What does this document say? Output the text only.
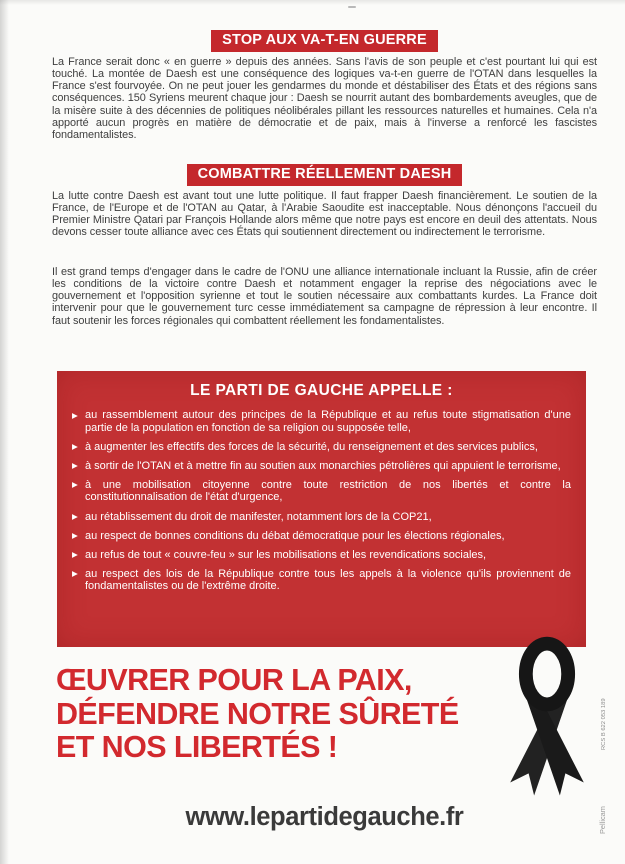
STOP AUX VA-T-EN GUERRE

La France serait donc « en guerre » depuis des années. Sans l'avis de son peuple et c'est pourtant lui qui est touché. La montée de Daesh est une conséquence des logiques va-t-en guerre de l'OTAN dans lesquelles la France s'est fourvoyée. On ne peut jouer les gendarmes du monde et déstabiliser des États et des régions sans conséquences. 150 Syriens meurent chaque jour : Daesh se nourrit autant des bombardements aveugles, que de la misère suite à des décennies de politiques néolibérales pillant les ressources naturelles et humaines. Cela n'a apporté aucun progrès en matière de démocratie et de paix, mais à l'inverse a renforcé les fascistes fondamentalistes.

COMBATTRE RÉELLEMENT DAESH

La lutte contre Daesh est avant tout une lutte politique. Il faut frapper Daesh financièrement. Le soutien de la France, de l'Europe et de l'OTAN au Qatar, à l'Arabie Saoudite est inacceptable. Nous dénonçons l'accueil du Premier Ministre Qatari par François Hollande alors même que notre pays est encore en deuil des attentats. Nous devons cesser toute alliance avec ces États qui soutiennent directement ou indirectement le terrorisme.

Il est grand temps d'engager dans le cadre de l'ONU une alliance internationale incluant la Russie, afin de créer les conditions de la victoire contre Daesh et notamment engager la reprise des négociations avec le gouvernement et l'opposition syrienne et tout le soutien nécessaire aux combattants kurdes. La France doit intervenir pour que le gouvernement turc cesse immédiatement sa campagne de répression à leur encontre. Il faut soutenir les forces régionales qui combattent réellement les fondamentalistes.

LE PARTI DE GAUCHE APPELLE :
▶ au rassemblement autour des principes de la République et au refus toute stigmatisation d'une partie de la population en fonction de sa religion ou supposée telle,
▶ à augmenter les effectifs des forces de la sécurité, du renseignement et des services publics,
▶ à sortir de l'OTAN et à mettre fin au soutien aux monarchies pétrolières qui appuient le terrorisme,
▶ à une mobilisation citoyenne contre toute restriction de nos libertés et contre la constitutionnalisation de l'état d'urgence,
▶ au rétablissement du droit de manifester, notamment lors de la COP21,
▶ au respect de bonnes conditions du débat démocratique pour les élections régionales,
▶ au refus de tout « couvre-feu » sur les mobilisations et les revendications sociales,
▶ au respect des lois de la République contre tous les appels à la violence qu'ils proviennent de fondamentalistes ou de l'extrême droite.
ŒUVRER POUR LA PAIX,
DÉFENDRE NOTRE SÛRETÉ
ET NOS LIBERTÉS !
www.lepartidegauche.fr
RCS B 622 053 189
Pellicam
